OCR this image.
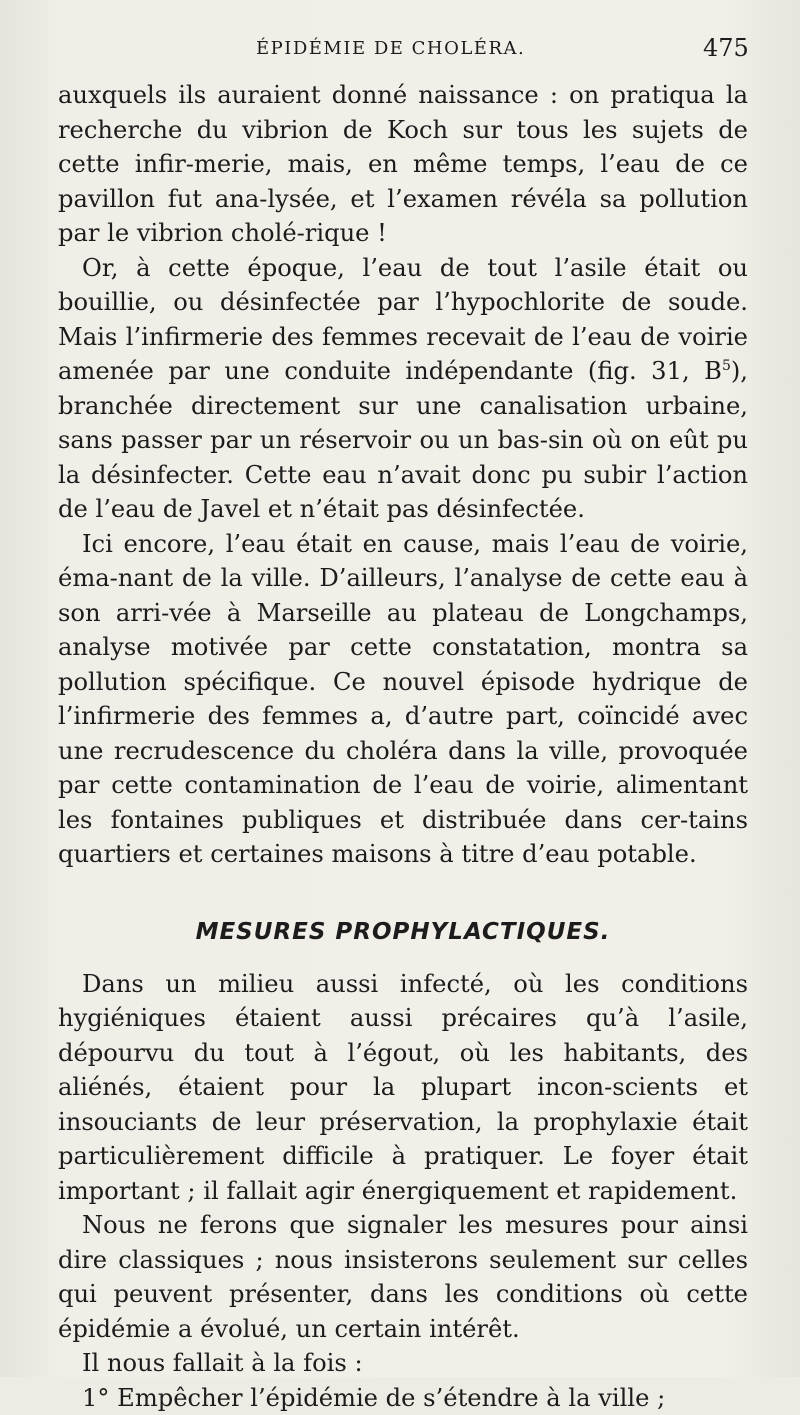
ÉPIDÉMIE DE CHOLÉRA.	475

auxquels ils auraient donné naissance : on pratiqua la recherche du vibrion de Koch sur tous les sujets de cette infir-merie, mais, en même temps, l’eau de ce pavillon fut ana-lysée, et l’examen révéla sa pollution par le vibrion cholé-rique !

Or, à cette époque, l’eau de tout l’asile était ou bouillie, ou désinfectée par l’hypochlorite de soude. Mais l’infirmerie des femmes recevait de l’eau de voirie amenée par une conduite indépendante (fig. 31, $B^5$), branchée directement sur une canalisation urbaine, sans passer par un réservoir ou un bas-sin où on eût pu la désinfecter. Cette eau n’avait donc pu subir l’action de l’eau de Javel et n’était pas désinfectée.

Ici encore, l’eau était en cause, mais l’eau de voirie, éma-nant de la ville. D’ailleurs, l’analyse de cette eau à son arri-vée à Marseille au plateau de Longchamps, analyse motivée par cette constatation, montra sa pollution spécifique. Ce nouvel épisode hydrique de l’infirmerie des femmes a, d’autre part, coïncidé avec une recrudescence du choléra dans la ville, provoquée par cette contamination de l’eau de voirie, alimentant les fontaines publiques et distribuée dans cer-tains quartiers et certaines maisons à titre d’eau potable.

MESURES PROPHYLACTIQUES.

Dans un milieu aussi infecté, où les conditions hygiéniques étaient aussi précaires qu’à l’asile, dépourvu du tout à l’égout, où les habitants, des aliénés, étaient pour la plupart incon-scients et insouciants de leur préservation, la prophylaxie était particulièrement difficile à pratiquer. Le foyer était important ; il fallait agir énergiquement et rapidement.

Nous ne ferons que signaler les mesures pour ainsi dire classiques ; nous insisterons seulement sur celles qui peuvent présenter, dans les conditions où cette épidémie a évolué, un certain intérêt.

Il nous fallait à la fois :

1° Empêcher l’épidémie de s’étendre à la ville ;
